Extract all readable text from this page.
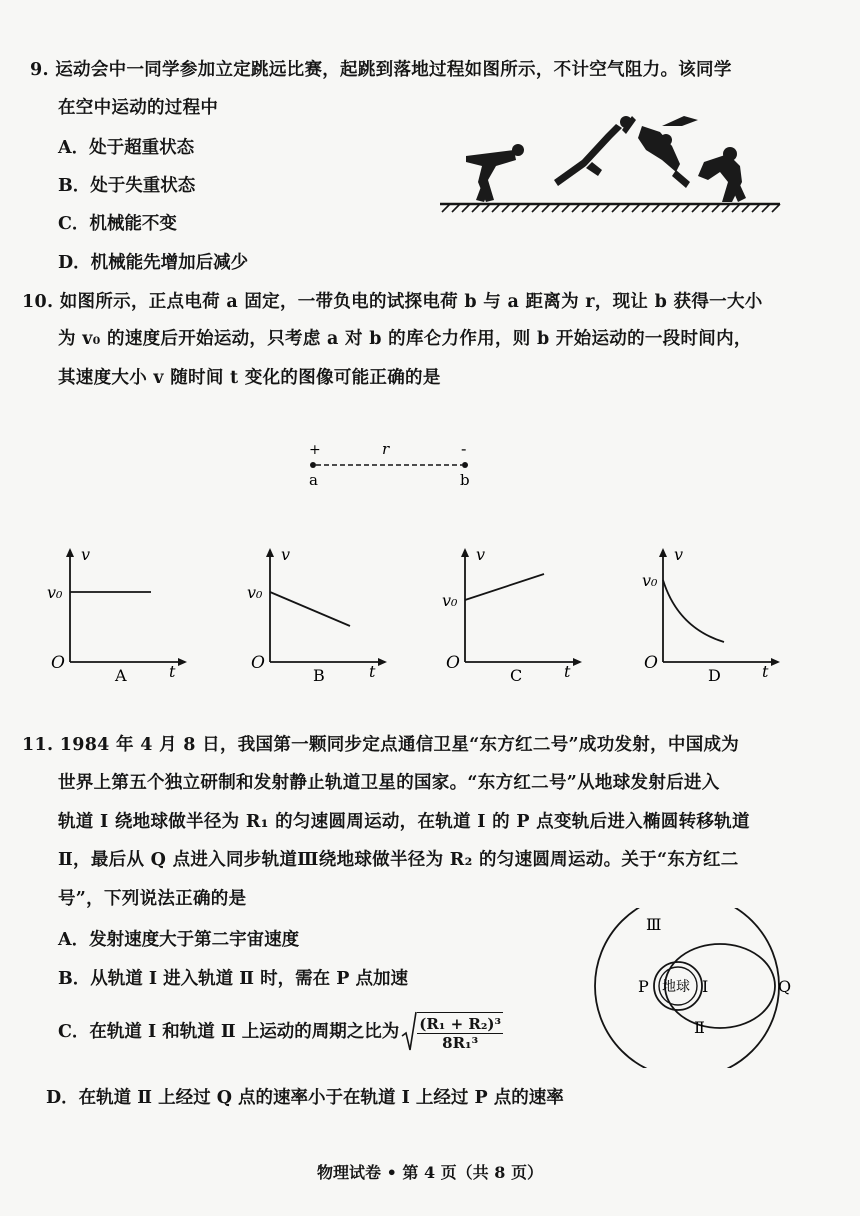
9. 运动会中一同学参加立定跳远比赛，起跳到落地过程如图所示，不计空气阻力。该同学
在空中运动的过程中
A．处于超重状态
B．处于失重状态
C．机械能不变
D．机械能先增加后减少
10. 如图所示，正点电荷 a 固定，一带负电的试探电荷 b 与 a 距离为 r，现让 b 获得一大小
为 v₀ 的速度后开始运动，只考虑 a 对 b 的库仑力作用，则 b 开始运动的一段时间内，
其速度大小 v 随时间 t 变化的图像可能正确的是
+	-
r
a	b
v
t
O
v₀
A
v
t
O
v₀
B
v
t
O
v₀
C
v
t
O
v₀
D
11. 1984 年 4 月 8 日，我国第一颗同步定点通信卫星“东方红二号”成功发射，中国成为
世界上第五个独立研制和发射静止轨道卫星的国家。“东方红二号”从地球发射后进入
轨道 Ⅰ 绕地球做半径为 R₁ 的匀速圆周运动，在轨道 Ⅰ 的 P 点变轨后进入椭圆转移轨道
Ⅱ，最后从 Q 点进入同步轨道Ⅲ绕地球做半径为 R₂ 的匀速圆周运动。关于“东方红二
号”，下列说法正确的是
A．发射速度大于第二宇宙速度
B．从轨道 Ⅰ 进入轨道 Ⅱ 时，需在 P 点加速
C．在轨道 Ⅰ 和轨道 Ⅱ 上运动的周期之比为 $\frac{\text{(R₁ + R₂)³}}{\text{8R₁³}}$
D．在轨道 Ⅱ 上经过 Q 点的速率小于在轨道 Ⅰ 上经过 P 点的速率
地球
Ⅲ
Ⅰ
Ⅱ
P	Q
物理试卷 • 第 4 页（共 8 页）
